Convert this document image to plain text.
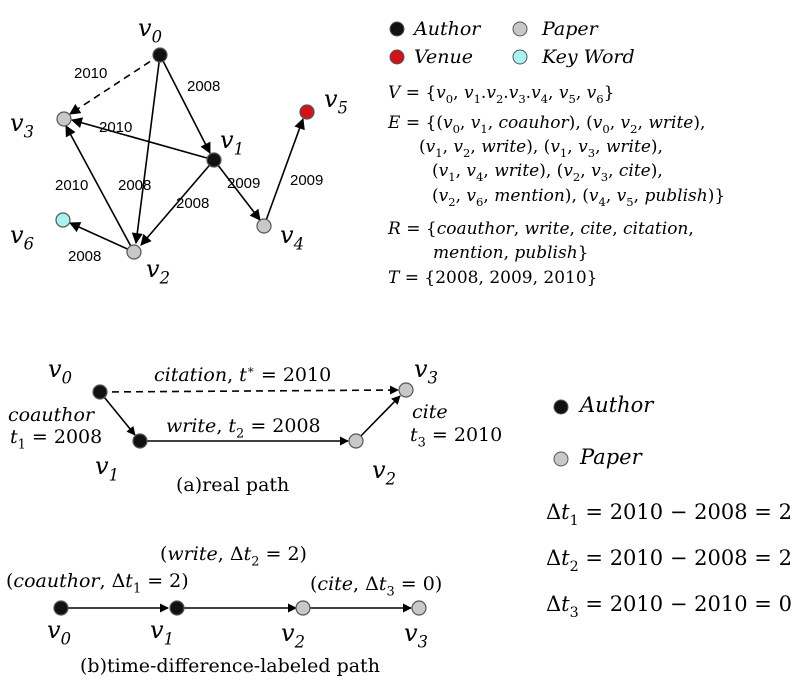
$v_0$
$v_1$
$v_3$
$v_2$
$v_4$
$v_5$
$v_6$
2010
2008
2010
2010 2008
2008
2009 2009
2008
Author	Paper
Venue	Key Word
$V = \{v_0$, $v_1.v_2.v_3.v_4$, $v_5$, $v_6$}
$E = \{(v_0$, $v_1$, coauhor), ($v_0$, $v_2$, write),
($v_1$, $v_2$, write), ($v_1$, $v_3$, write),
($v_1$, $v_4$, write), ($v_2$, $v_3$, cite),
($v_2$, $v_6$, mention), ($v_4$, $v_5$, publish)}
R = {coauthor, write, cite, citation,
mention, publish}
T = {2008, 2009, 2010}
$v_0$
$v_1$	$v_2$
$v_3$
citation, t∗ = 2010
coauthor
$t_1 = 2008$	write, $t_2 = 2008$
cite
$t_3 = 2010$
(a)real path
$v_0$	$v_1$	$v_2$	$v_3$
(write, $\Delta t_2 = 2$)
(coauthor, $\Delta t_1 = 2$)	(cite, $\Delta t_3 = 0$)
(b)time-difference-labeled path
Author
Paper
$\Delta t_1 = 2010 - 2008 = 2$
$\Delta t_2 = 2010 - 2008 = 2$
$\Delta t_3 = 2010 - 2010 = 0$
